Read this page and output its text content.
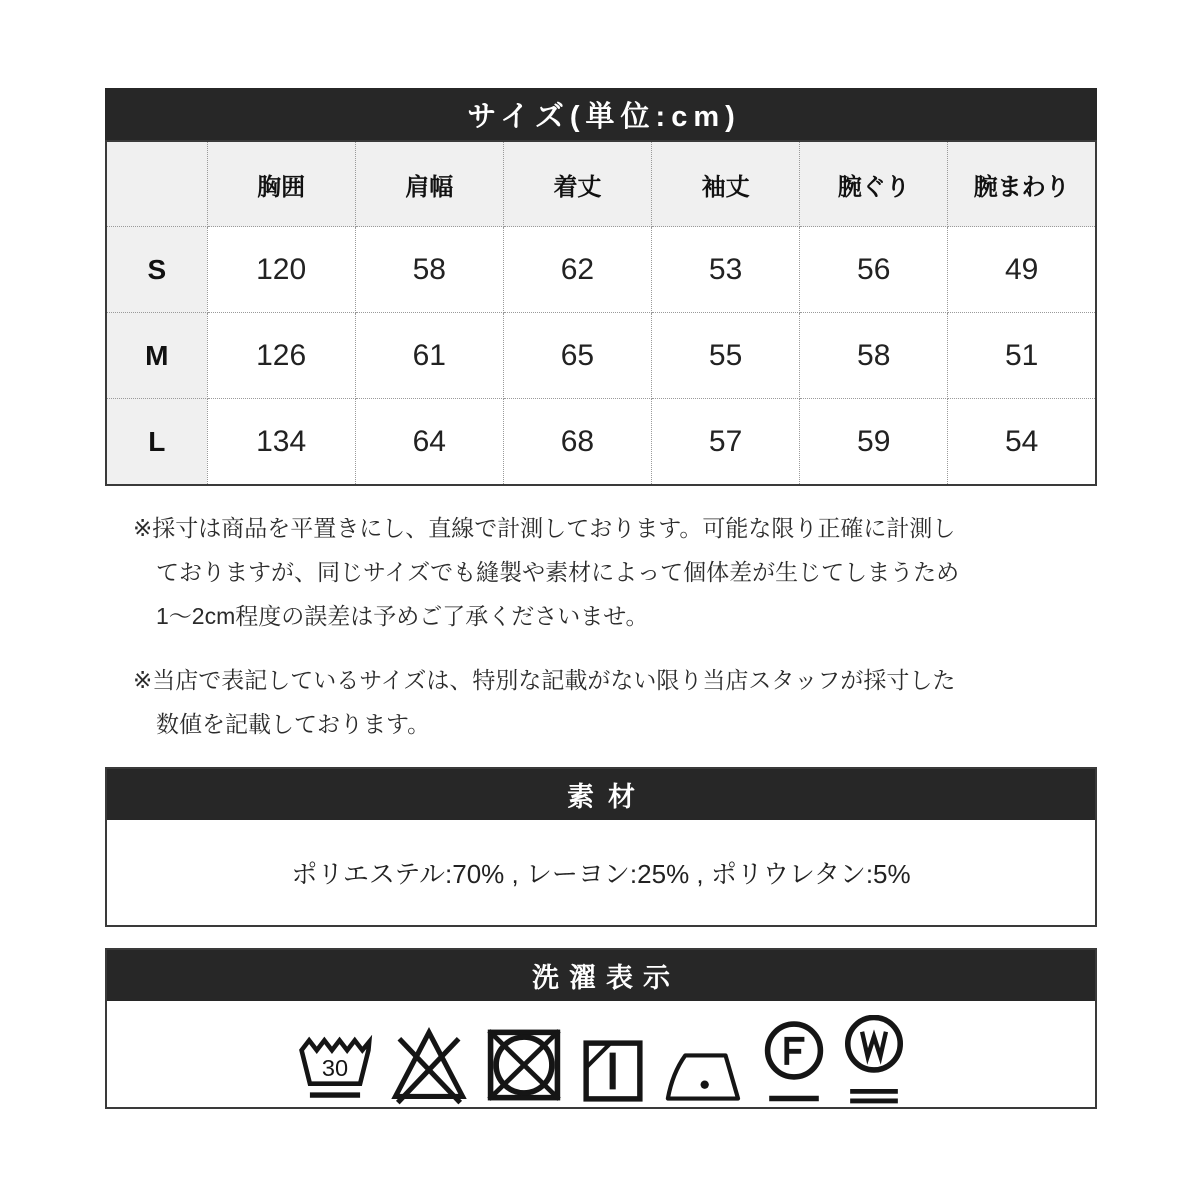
サイズ(単位:cm)
	胸囲	肩幅	着丈	袖丈	腕ぐり	腕まわり
S	120	58	62	53	56	49
M	126	61	65	55	58	51
L	134	64	68	57	59	54
※採寸は商品を平置きにし、直線で計測しております。可能な限り正確に計測し
ておりますが、同じサイズでも縫製や素材によって個体差が生じてしまうため
1〜2cm程度の誤差は予めご了承くださいませ。
※当店で表記しているサイズは、特別な記載がない限り当店スタッフが採寸した
数値を記載しております。
素材
ポリエステル:70% , レーヨン:25% , ポリウレタン:5%
洗濯表示
30
